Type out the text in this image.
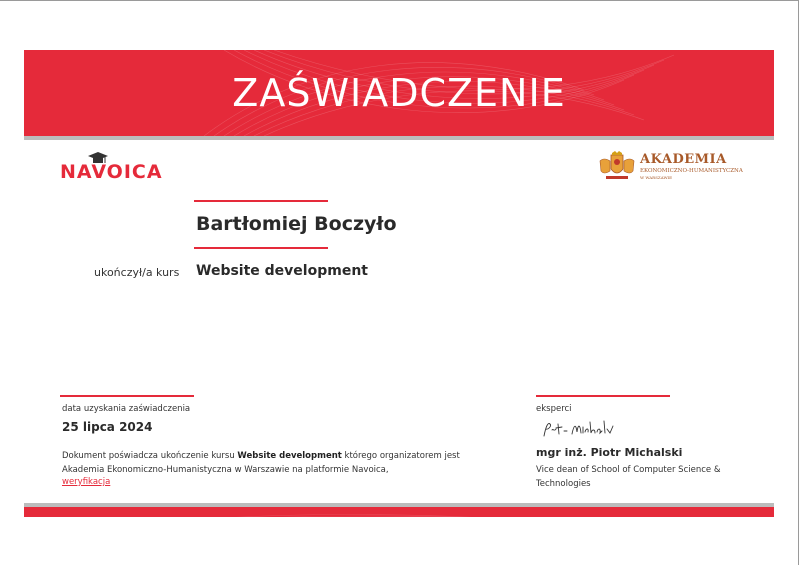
ZAŚWIADCZENIE
NAVOICA
AKADEMIA
EKONOMICZNO-HUMANISTYCZNA
W WARSZAWIE
Bartłomiej Boczyło
ukończył/a kurs Website development
data uzyskania zaświadczenia
25 lipca 2024
Dokument poświadcza ukończenie kursu Website development którego organizatorem jest Akademia Ekonomiczno-Humanistyczna w Warszawie na platformie Navoica,
weryfikacja
eksperci
mgr inż. Piotr Michalski
Vice dean of School of Computer Science & Technologies
